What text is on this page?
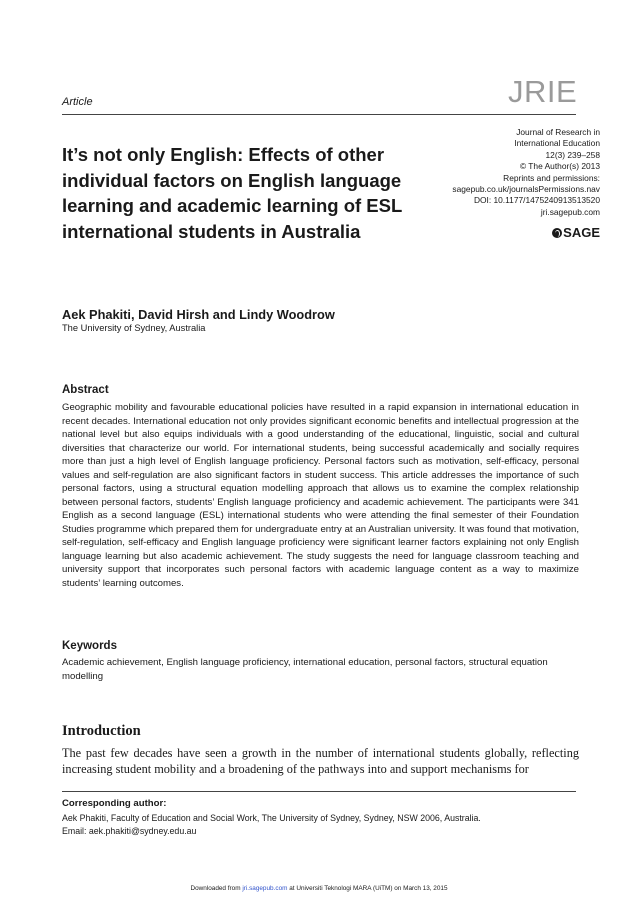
Article	JRIE
It’s not only English: Effects of other individual factors on English language learning and academic learning of ESL international students in Australia
Journal of Research in
International Education
12(3) 239–258
© The Author(s) 2013
Reprints and permissions:
sagepub.co.uk/journalsPermissions.nav
DOI: 10.1177/1475240913513520
jri.sagepub.com
SAGE
Aek Phakiti, David Hirsh and Lindy Woodrow
The University of Sydney, Australia
Abstract
Geographic mobility and favourable educational policies have resulted in a rapid expansion in international education in recent decades. International education not only provides significant economic benefits and intellectual progression at the national level but also equips individuals with a good understanding of the educational, linguistic, social and cultural diversities that characterize our world. For international students, being successful academically and socially requires more than just a high level of English language proficiency. Personal factors such as motivation, self-efficacy, personal values and self-regulation are also significant factors in student success. This article addresses the importance of such personal factors, using a structural equation modelling approach that allows us to examine the complex relationship between personal factors, students’ English language proficiency and academic achievement. The participants were 341 English as a second language (ESL) international students who were attending the final semester of their Foundation Studies programme which prepared them for undergraduate entry at an Australian university. It was found that motivation, self-regulation, self-efficacy and English language proficiency were significant learner factors explaining not only English language learning but also academic achievement. The study suggests the need for language classroom teaching and university support that incorporates such personal factors with academic language content as a way to maximize students’ learning outcomes.
Keywords
Academic achievement, English language proficiency, international education, personal factors, structural equation modelling
Introduction
The past few decades have seen a growth in the number of international students globally, reflecting increasing student mobility and a broadening of the pathways into and support mechanisms for
Corresponding author:
Aek Phakiti, Faculty of Education and Social Work, The University of Sydney, Sydney, NSW 2006, Australia.
Email: aek.phakiti@sydney.edu.au
Downloaded from jri.sagepub.com at Universiti Teknologi MARA (UiTM) on March 13, 2015
